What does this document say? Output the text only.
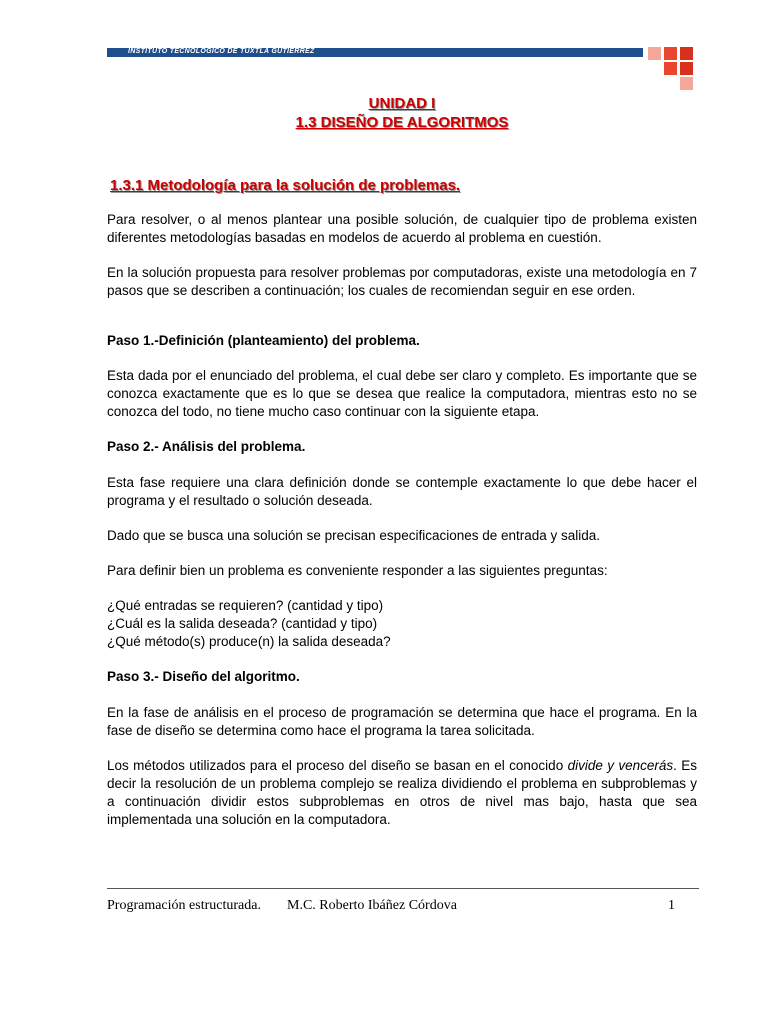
INSTITUTO TECNOLÓGICO DE TUXTLA GUTIÉRREZ

UNIDAD I

1.3 DISEÑO DE ALGORITMOS

1.3.1 Metodología para la solución de problemas.

Para resolver, o al menos plantear una posible solución, de cualquier tipo de problema existen diferentes metodologías basadas en modelos de acuerdo al problema en cuestión.

En la solución propuesta para resolver problemas por computadoras, existe una metodología en 7 pasos que se describen a continuación; los cuales de recomiendan seguir en ese orden.

Paso 1.-Definición (planteamiento) del problema.

Esta dada por el enunciado del problema, el cual debe ser claro y completo. Es importante que se conozca exactamente que es lo que se desea que realice la computadora, mientras esto no se conozca del todo, no tiene mucho caso continuar con la siguiente etapa.

Paso 2.- Análisis del problema.

Esta fase requiere una clara definición donde se contemple exactamente lo que debe hacer el programa y el resultado o solución deseada.

Dado que se busca una solución se precisan especificaciones de entrada y salida.

Para definir bien un problema es conveniente responder a las siguientes preguntas:

¿Qué entradas se requieren? (cantidad y tipo)

¿Cuál es la salida deseada? (cantidad y tipo)

¿Qué método(s) produce(n) la salida deseada?

Paso 3.- Diseño del algoritmo.

En la fase de análisis en el proceso de programación se determina que hace el programa. En la fase de diseño se determina como hace el programa la tarea solicitada.

Los métodos utilizados para el proceso del diseño se basan en el conocido divide y vencerás. Es decir la resolución de un problema complejo se realiza dividiendo el problema en subproblemas y a continuación dividir estos subproblemas en otros de nivel mas bajo, hasta que sea implementada una solución en la computadora.

Programación estructurada. M.C. Roberto Ibáñez Córdova	1
